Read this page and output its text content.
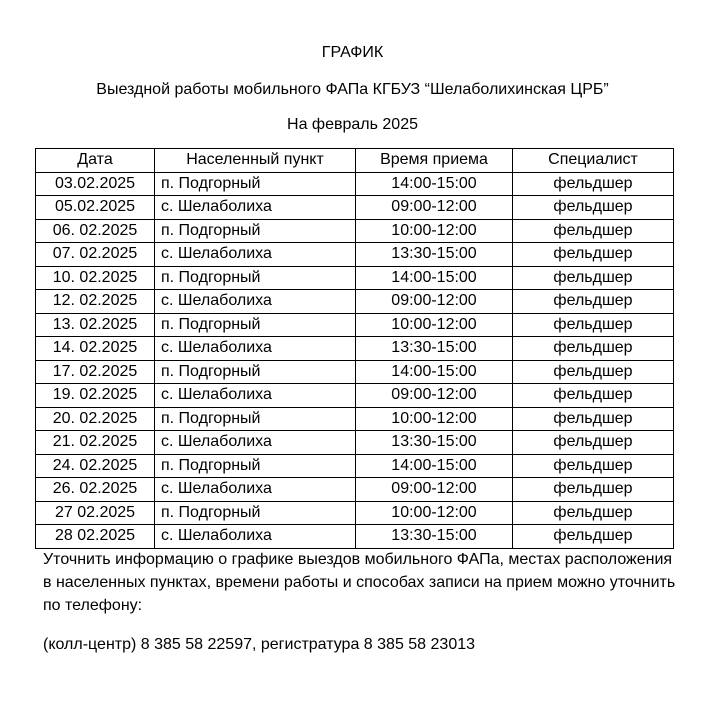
ГРАФИК
Выездной работы мобильного ФАПа КГБУЗ “Шелаболихинская ЦРБ”
На февраль 2025
Дата	Населенный пункт	Время приема	Специалист
03.02.2025	п. Подгорный	14:00-15:00	фельдшер
05.02.2025	с. Шелаболиха	09:00-12:00	фельдшер
06. 02.2025	п. Подгорный	10:00-12:00	фельдшер
07. 02.2025	с. Шелаболиха	13:30-15:00	фельдшер
10. 02.2025	п. Подгорный	14:00-15:00	фельдшер
12. 02.2025	с. Шелаболиха	09:00-12:00	фельдшер
13. 02.2025	п. Подгорный	10:00-12:00	фельдшер
14. 02.2025	с. Шелаболиха	13:30-15:00	фельдшер
17. 02.2025	п. Подгорный	14:00-15:00	фельдшер
19. 02.2025	с. Шелаболиха	09:00-12:00	фельдшер
20. 02.2025	п. Подгорный	10:00-12:00	фельдшер
21. 02.2025	с. Шелаболиха	13:30-15:00	фельдшер
24. 02.2025	п. Подгорный	14:00-15:00	фельдшер
26. 02.2025	с. Шелаболиха	09:00-12:00	фельдшер
27 02.2025	п. Подгорный	10:00-12:00	фельдшер
28 02.2025	с. Шелаболиха	13:30-15:00	фельдшер
Уточнить информацию о графике выездов мобильного ФАПа, местах расположения в населенных пунктах, времени работы и способах записи на прием можно уточнить по телефону:
(колл-центр) 8 385 58 22597, регистратура 8 385 58 23013
